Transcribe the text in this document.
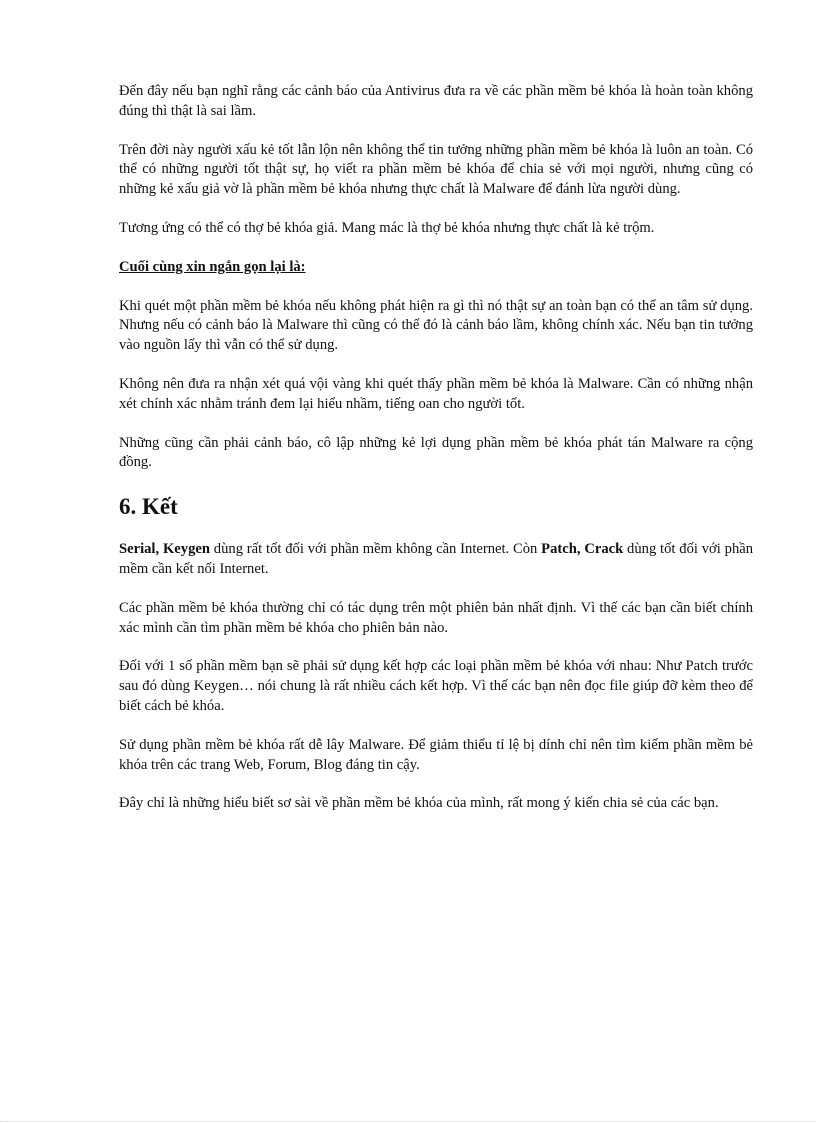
Đến đây nếu bạn nghĩ rằng các cảnh báo của Antivirus đưa ra về các phần mềm bẻ khóa là hoàn toàn không đúng thì thật là sai lầm.

Trên đời này người xấu kẻ tốt lẫn lộn nên không thể tin tưởng những phần mềm bẻ khóa là luôn an toàn. Có thể có những người tốt thật sự, họ viết ra phần mềm bẻ khóa để chia sẻ với mọi người, nhưng cũng có những kẻ xấu giả vờ là phần mềm bẻ khóa nhưng thực chất là Malware để đánh lừa người dùng.

Tương ứng có thể có thợ bẻ khóa giả. Mang mác là thợ bẻ khóa nhưng thực chất là kẻ trộm.

Cuối cùng xin ngắn gọn lại là:

Khi quét một phần mềm bẻ khóa nếu không phát hiện ra gì thì nó thật sự an toàn bạn có thể an tâm sử dụng. Nhưng nếu có cảnh báo là Malware thì cũng có thể đó là cảnh báo lầm, không chính xác. Nếu bạn tin tưởng vào nguồn lấy thì vẫn có thể sử dụng.

Không nên đưa ra nhận xét quá vội vàng khi quét thấy phần mềm bẻ khóa là Malware. Cần có những nhận xét chính xác nhằm tránh đem lại hiểu nhầm, tiếng oan cho người tốt.

Những cũng cần phải cảnh báo, cô lập những kẻ lợi dụng phần mềm bẻ khóa phát tán Malware ra cộng đồng.

6. Kết

Serial, Keygen dùng rất tốt đối với phần mềm không cần Internet. Còn Patch, Crack dùng tốt đối với phần mềm cần kết nối Internet.

Các phần mềm bẻ khóa thường chỉ có tác dụng trên một phiên bản nhất định. Vì thế các bạn cần biết chính xác mình cần tìm phần mềm bẻ khóa cho phiên bản nào.

Đối với 1 số phần mềm bạn sẽ phải sử dụng kết hợp các loại phần mềm bẻ khóa với nhau: Như Patch trước sau đó dùng Keygen… nói chung là rất nhiều cách kết hợp. Vì thế các bạn nên đọc file giúp đỡ kèm theo để biết cách bẻ khóa.

Sử dụng phần mềm bẻ khóa rất dễ lây Malware. Để giảm thiểu tỉ lệ bị dính chỉ nên tìm kiếm phần mềm bẻ khóa trên các trang Web, Forum, Blog đáng tin cậy.

Đây chỉ là những hiểu biết sơ sài về phần mềm bẻ khóa của mình, rất mong ý kiến chia sẻ của các bạn.
